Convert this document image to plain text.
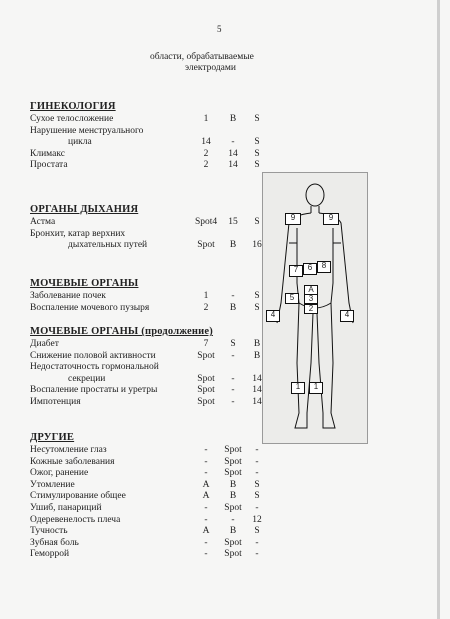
5
области, обрабатываемые
электродами
ГИНЕКОЛОГИЯ
Сухое телосложение	1	B	S
Нарушение менструального
цикла	14	-	S
Климакс	2	14	S
Простата	2	14	S
ОРГАНЫ ДЫХАНИЯ
Астма	Spot4	15	S
Бронхит, катар верхних
дыхательных путей	Spot	B	16
МОЧЕВЫЕ ОРГАНЫ
Заболевание почек	1	-	S
Воспаление мочевого пузыря	2	B	S
МОЧЕВЫЕ ОРГАНЫ (продолжение)
Диабет	7	S	B
Снижение половой активности	Spot	-	B
Недостаточность гормональной
секреции	Spot	-	14
Воспаление простаты и уретры	Spot	-	14
Импотенция	Spot	-	14
ДРУГИЕ
Несутомление глаз	-	Spot	-
Кожные заболевания	-	Spot	-
Ожог, ранение	-	Spot	-
Утомление	A	B	S
Стимулирование общее	A	B	S
Ушиб, панариций	-	Spot	-
Одеревенелость плеча	-	-	12
Тучность	A	B	S
Зубная боль	-	Spot	-
Геморрой	-	Spot	-
9	9
7	6	8
A
5	3
2
4	4
1	1
